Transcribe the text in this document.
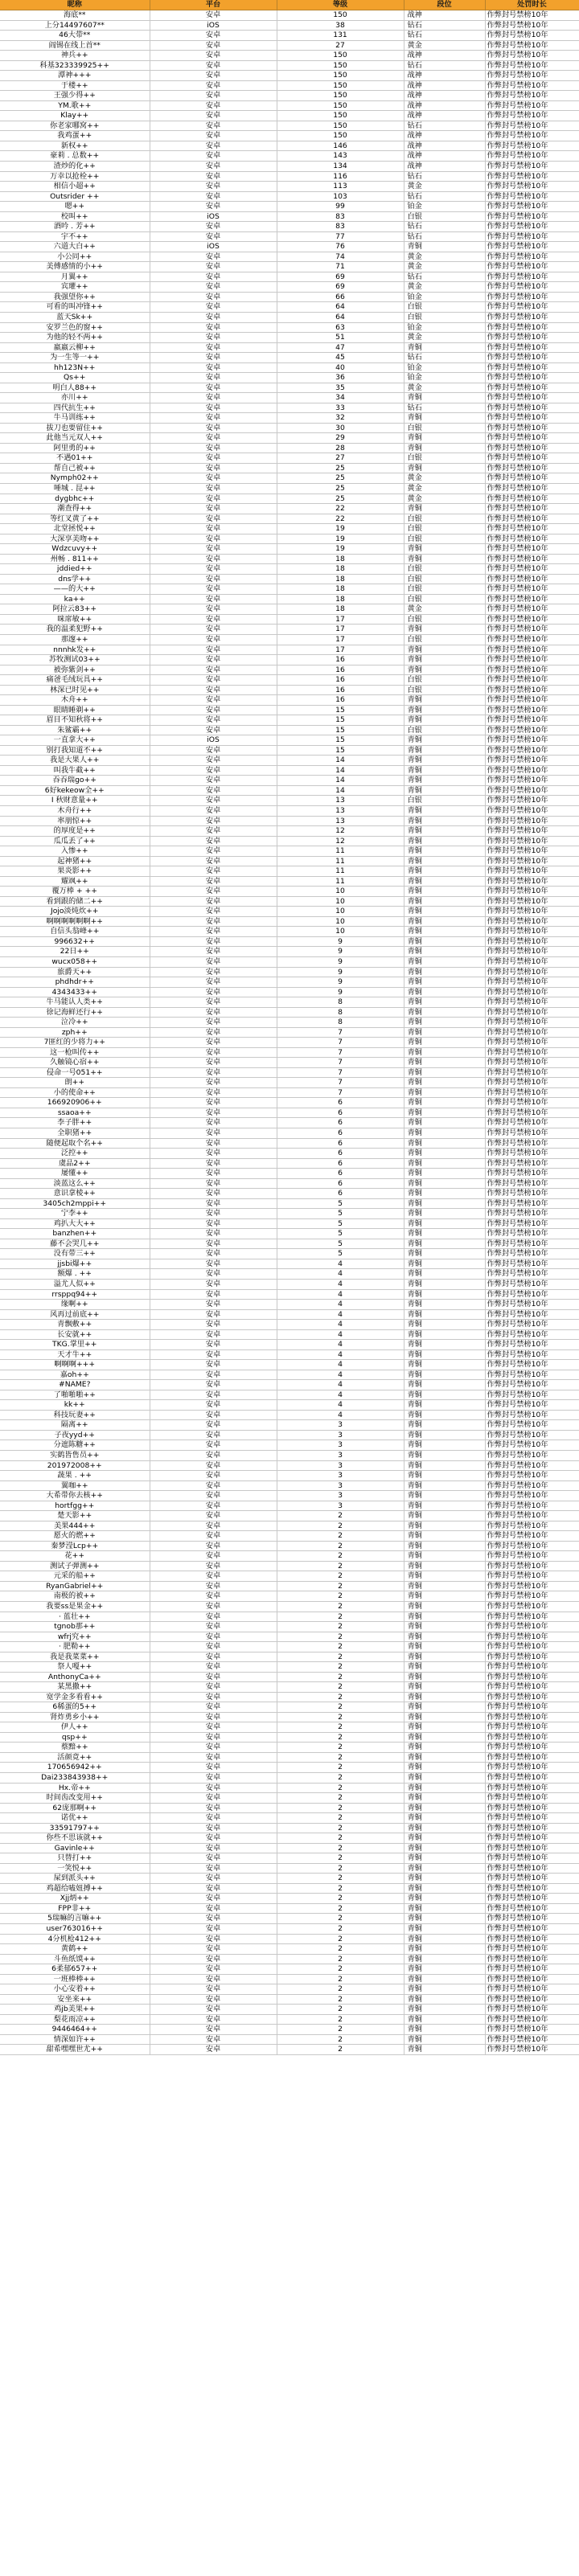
昵称	平台	等级	段位	处罚时长
海底**	安卓	150	战神	作弊封号禁榜10年
上分14497607**	iOS	38	钻石	作弊封号禁榜10年
46大带**	安卓	131	钻石	作弊封号禁榜10年
阎锡在线上首**	安卓	27	黄金	作弊封号禁榜10年
神兵++	安卓	150	战神	作弊封号禁榜10年
科基323339925++	安卓	150	钻石	作弊封号禁榜10年
潭神+++	安卓	150	战神	作弊封号禁榜10年
于楼++	安卓	150	战神	作弊封号禁榜10年
王强少得++	安卓	150	战神	作弊封号禁榜10年
YM.歌++	安卓	150	战神	作弊封号禁榜10年
Klay++	安卓	150	战神	作弊封号禁榜10年
你老家哪窝++	安卓	150	钻石	作弊封号禁榜10年
我鸡蛋++	安卓	150	战神	作弊封号禁榜10年
新权++	安卓	146	战神	作弊封号禁榜10年
豪莉 . 总数++	安卓	143	战神	作弊封号禁榜10年
渣炒的化++	安卓	134	战神	作弊封号禁榜10年
万幸以抢栓++	安卓	116	钻石	作弊封号禁榜10年
相信小超++	安卓	113	黄金	作弊封号禁榜10年
Outsrider ++	安卓	103	钻石	作弊封号禁榜10年
嗯++	安卓	99	铂金	作弊封号禁榜10年
校叫++	iOS	83	白银	作弊封号禁榜10年
酒吟 . 芳++	安卓	83	钻石	作弊封号禁榜10年
宇不++	安卓	77	钻石	作弊封号禁榜10年
六道大白++	iOS	76	青铜	作弊封号禁榜10年
小公同++	安卓	74	黄金	作弊封号禁榜10年
美傅感情的小++	安卓	71	黄金	作弊封号禁榜10年
月翼++	安卓	69	钻石	作弊封号禁榜10年
宾瓘++	安卓	69	黄金	作弊封号禁榜10年
我强望你++	安卓	66	铂金	作弊封号禁榜10年
可看的叫冲锋++	安卓	64	白银	作弊封号禁榜10年
蓝天Sk++	安卓	64	白银	作弊封号禁榜10年
安罗兰色的窗++	安卓	63	铂金	作弊封号禁榜10年
为他的轻不两++	安卓	51	黄金	作弊封号禁榜10年
嬴嬴云柳++	安卓	47	青铜	作弊封号禁榜10年
为一生等一++	安卓	45	钻石	作弊封号禁榜10年
hh123N++	安卓	40	铂金	作弊封号禁榜10年
Qs++	安卓	36	铂金	作弊封号禁榜10年
明白人88++	安卓	35	黄金	作弊封号禁榜10年
亦川++	安卓	34	青铜	作弊封号禁榜10年
四代抗生++	安卓	33	钻石	作弊封号禁榜10年
牛马训练++	安卓	32	青铜	作弊封号禁榜10年
拔刀也要留住++	安卓	30	白银	作弊封号禁榜10年
此他当元双人++	安卓	29	青铜	作弊封号禁榜10年
阿里勇的++	安卓	28	青铜	作弊封号禁榜10年
不遇01++	安卓	27	白银	作弊封号禁榜10年
帮自己被++	安卓	25	青铜	作弊封号禁榜10年
Nymph02++	安卓	25	黄金	作弊封号禁榜10年
唾城 . 昆++	安卓	25	黄金	作弊封号禁榜10年
dygbhc++	安卓	25	黄金	作弊封号禁榜10年
潮查得++	安卓	22	青铜	作弊封号禁榜10年
等红叉黄了++	安卓	22	白银	作弊封号禁榜10年
北堂拯悦++	安卓	19	白银	作弊封号禁榜10年
大深享美吻++	安卓	19	白银	作弊封号禁榜10年
Wdzcuvy++	安卓	19	青铜	作弊封号禁榜10年
州畅 . 811++	安卓	18	青铜	作弊封号禁榜10年
jddied++	安卓	18	白银	作弊封号禁榜10年
dns学++	安卓	18	白银	作弊封号禁榜10年
——的大++	安卓	18	白银	作弊封号禁榜10年
ka++	安卓	18	白银	作弊封号禁榜10年
阿拉云83++	安卓	18	黄金	作弊封号禁榜10年
咪席敏++	安卓	17	白银	作弊封号禁榜10年
我的温柔犯野++	安卓	17	青铜	作弊封号禁榜10年
那邃++	安卓	17	白银	作弊封号禁榜10年
nnnhk发++	安卓	17	青铜	作弊封号禁榜10年
苏牧测试03++	安卓	16	青铜	作弊封号禁榜10年
被弥紫剑++	安卓	16	青铜	作弊封号禁榜10年
痛爸毛绒玩具++	安卓	16	白银	作弊封号禁榜10年
林深已时见++	安卓	16	白银	作弊封号禁榜10年
木舟++	安卓	16	青铜	作弊封号禁榜10年
眼睛睡剃++	安卓	15	青铜	作弊封号禁榜10年
眉目不知秋将++	安卓	15	青铜	作弊封号禁榜10年
朱鲨霸++	安卓	15	白银	作弊封号禁榜10年
一直拿大++	iOS	15	青铜	作弊封号禁榜10年
别打我知道不++	安卓	15	青铜	作弊封号禁榜10年
我是大果人++	安卓	14	青铜	作弊封号禁榜10年
叫我牛截++	安卓	14	青铜	作弊封号禁榜10年
吞吞瑞go++	安卓	14	青铜	作弊封号禁榜10年
6好kekeow全++	安卓	14	青铜	作弊封号禁榜10年
I 秋财意量++	安卓	13	白银	作弊封号禁榜10年
木舟行++	安卓	13	青铜	作弊封号禁榜10年
率朋惊++	安卓	13	青铜	作弊封号禁榜10年
的厚度是++	安卓	12	青铜	作弊封号禁榜10年
瓜瓜丢了++	安卓	12	青铜	作弊封号禁榜10年
入惨++	安卓	11	青铜	作弊封号禁榜10年
起神猪++	安卓	11	青铜	作弊封号禁榜10年
果炎影++	安卓	11	青铜	作弊封号禁榜10年
耀飒++	安卓	11	青铜	作弊封号禁榜10年
覆万棒 + ++	安卓	10	青铜	作弊封号禁榜10年
看到跟的储二++	安卓	10	青铜	作弊封号禁榜10年
Jojo淡炖炊++	安卓	10	青铜	作弊封号禁榜10年
啊啊啊啊啊啊++	安卓	10	青铜	作弊封号禁榜10年
自信头翁峰++	安卓	10	青铜	作弊封号禁榜10年
996632++	安卓	9	青铜	作弊封号禁榜10年
22日++	安卓	9	青铜	作弊封号禁榜10年
wucx058++	安卓	9	青铜	作弊封号禁榜10年
旅爵天++	安卓	9	青铜	作弊封号禁榜10年
phdhdr++	安卓	9	青铜	作弊封号禁榜10年
4343433++	安卓	9	青铜	作弊封号禁榜10年
牛马能认人类++	安卓	8	青铜	作弊封号禁榜10年
徐记海鲜还行++	安卓	8	青铜	作弊封号禁榜10年
泣冷++	安卓	8	青铜	作弊封号禁榜10年
zph++	安卓	7	青铜	作弊封号禁榜10年
7匪红的少将力++	安卓	7	青铜	作弊封号禁榜10年
这一枪叫传++	安卓	7	青铜	作弊封号禁榜10年
久触镜心宿++	安卓	7	青铜	作弊封号禁榜10年
侵命一号051++	安卓	7	青铜	作弊封号禁榜10年
朗++	安卓	7	青铜	作弊封号禁榜10年
小的使命++	安卓	7	青铜	作弊封号禁榜10年
166920906++	安卓	6	青铜	作弊封号禁榜10年
ssaoa++	安卓	6	青铜	作弊封号禁榜10年
李子胖++	安卓	6	青铜	作弊封号禁榜10年
全职猪++	安卓	6	青铜	作弊封号禁榜10年
随便起取个名++	安卓	6	青铜	作弊封号禁榜10年
泛控++	安卓	6	青铜	作弊封号禁榜10年
虞品2++	安卓	6	青铜	作弊封号禁榜10年
屡懂++	安卓	6	青铜	作弊封号禁榜10年
淡蓝这么++	安卓	6	青铜	作弊封号禁榜10年
意识拿棱++	安卓	6	青铜	作弊封号禁榜10年
3405ch2mppi++	安卓	5	青铜	作弊封号禁榜10年
宁李++	安卓	5	青铜	作弊封号禁榜10年
鸡扒大大++	安卓	5	青铜	作弊封号禁榜10年
banzhen++	安卓	5	青铜	作弊封号禁榜10年
藤不会哭几++	安卓	5	青铜	作弊封号禁榜10年
没有带三++	安卓	5	青铜	作弊封号禁榜10年
jjsbi爆++	安卓	4	青铜	作弊封号禁榜10年
额爆 . ++	安卓	4	青铜	作弊封号禁榜10年
溢尤人似++	安卓	4	青铜	作弊封号禁榜10年
rrsppq94++	安卓	4	青铜	作弊封号禁榜10年
缘啊++	安卓	4	青铜	作弊封号禁榜10年
风再过前底++	安卓	4	青铜	作弊封号禁榜10年
青飘敷++	安卓	4	青铜	作弊封号禁榜10年
长安就++	安卓	4	青铜	作弊封号禁榜10年
TKG.掌里++	安卓	4	青铜	作弊封号禁榜10年
天才牛++	安卓	4	青铜	作弊封号禁榜10年
啊啊啊+++	安卓	4	青铜	作弊封号禁榜10年
嘉oh++	安卓	4	青铜	作弊封号禁榜10年
#NAME?	安卓	4	青铜	作弊封号禁榜10年
了啪啪啪++	安卓	4	青铜	作弊封号禁榜10年
kk++	安卓	4	青铜	作弊封号禁榜10年
科技玩妻++	安卓	4	青铜	作弊封号禁榜10年
隔离++	安卓	3	青铜	作弊封号禁榜10年
子夜yyd++	安卓	3	青铜	作弊封号禁榜10年
分遮陈糖++	安卓	3	青铜	作弊封号禁榜10年
实鹤皆售员++	安卓	3	青铜	作弊封号禁榜10年
201972008++	安卓	3	青铜	作弊封号禁榜10年
蔬果 . ++	安卓	3	青铜	作弊封号禁榜10年
翼咖++	安卓	3	青铜	作弊封号禁榜10年
大希带你去核++	安卓	3	青铜	作弊封号禁榜10年
hortfgg++	安卓	3	青铜	作弊封号禁榜10年
楚天影++	安卓	2	青铜	作弊封号禁榜10年
美果444++	安卓	2	青铜	作弊封号禁榜10年
愿火的燃++	安卓	2	青铜	作弊封号禁榜10年
秦梦滢Lcp++	安卓	2	青铜	作弊封号禁榜10年
花++	安卓	2	青铜	作弊封号禁榜10年
测试子弹测++	安卓	2	青铜	作弊封号禁榜10年
元采的船++	安卓	2	青铜	作弊封号禁榜10年
RyanGabriel++	安卓	2	青铜	作弊封号禁榜10年
南极的被++	安卓	2	青铜	作弊封号禁榜10年
我要ss是果金++	安卓	2	青铜	作弊封号禁榜10年
· 蓝壮++	安卓	2	青铜	作弊封号禁榜10年
tgnob那++	安卓	2	青铜	作弊封号禁榜10年
wfrj究++	安卓	2	青铜	作弊封号禁榜10年
· 肥勒++	安卓	2	青铜	作弊封号禁榜10年
我是我菜菜++	安卓	2	青铜	作弊封号禁榜10年
祭人嘎++	安卓	2	青铜	作弊封号禁榜10年
AnthonyCa++	安卓	2	青铜	作弊封号禁榜10年
某黑撒++	安卓	2	青铜	作弊封号禁榜10年
宽学金多看看++	安卓	2	青铜	作弊封号禁榜10年
6稀蛋的5++	安卓	2	青铜	作弊封号禁榜10年
肾炸勇乡小++	安卓	2	青铜	作弊封号禁榜10年
伊人++	安卓	2	青铜	作弊封号禁榜10年
qsp++	安卓	2	青铜	作弊封号禁榜10年
蔡黯++	安卓	2	青铜	作弊封号禁榜10年
活颜竟++	安卓	2	青铜	作弊封号禁榜10年
170656942++	安卓	2	青铜	作弊封号禁榜10年
Dai233843938++	安卓	2	青铜	作弊封号禁榜10年
Hx.帝++	安卓	2	青铜	作弊封号禁榜10年
时间齿改变用++	安卓	2	青铜	作弊封号禁榜10年
62庞那啊++	安卓	2	青铜	作弊封号禁榜10年
诺优++	安卓	2	青铜	作弊封号禁榜10年
33591797++	安卓	2	青铜	作弊封号禁榜10年
你些不思该就++	安卓	2	青铜	作弊封号禁榜10年
Gavinle++	安卓	2	青铜	作弊封号禁榜10年
只替打++	安卓	2	青铜	作弊封号禁榜10年
一笑悦++	安卓	2	青铜	作弊封号禁榜10年
屎到派头++	安卓	2	青铜	作弊封号禁榜10年
鸡超给嗑妞搏++	安卓	2	青铜	作弊封号禁榜10年
Xjj炳++	安卓	2	青铜	作弊封号禁榜10年
FPP非++	安卓	2	青铜	作弊封号禁榜10年
5瑞嘛的言嘛++	安卓	2	青铜	作弊封号禁榜10年
user763016++	安卓	2	青铜	作弊封号禁榜10年
4分机枪412++	安卓	2	青铜	作弊封号禁榜10年
黄鹤++	安卓	2	青铜	作弊封号禁榜10年
斗鱼纸馍++	安卓	2	青铜	作弊封号禁榜10年
6柔郁657++	安卓	2	青铜	作弊封号禁榜10年
一班棒棒++	安卓	2	青铜	作弊封号禁榜10年
小心安着++	安卓	2	青铜	作弊封号禁榜10年
安坐来++	安卓	2	青铜	作弊封号禁榜10年
鸡jb美果++	安卓	2	青铜	作弊封号禁榜10年
梨花雨凉++	安卓	2	青铜	作弊封号禁榜10年
9446464++	安卓	2	青铜	作弊封号禁榜10年
情深如许++	安卓	2	青铜	作弊封号禁榜10年
甜希嘿嘿世尤++	安卓	2	青铜	作弊封号禁榜10年
